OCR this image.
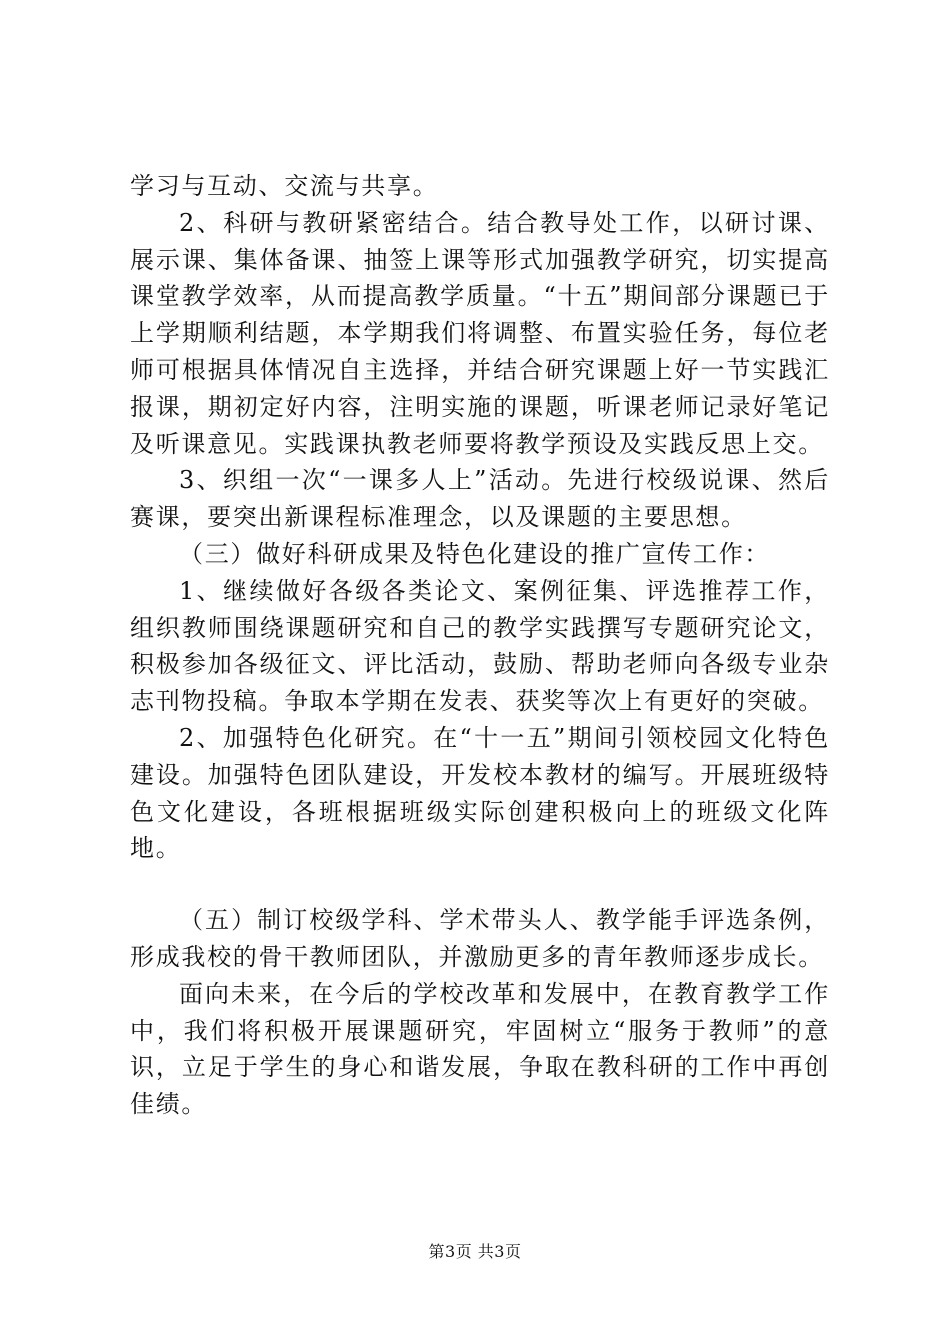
学习与互动、交流与共享。

2、科研与教研紧密结合。结合教导处工作，以研讨课、展示课、集体备课、抽签上课等形式加强教学研究，切实提高课堂教学效率，从而提高教学质量。“十五”期间部分课题已于上学期顺利结题，本学期我们将调整、布置实验任务，每位老师可根据具体情况自主选择，并结合研究课题上好一节实践汇报课，期初定好内容，注明实施的课题，听课老师记录好笔记及听课意见。实践课执教老师要将教学预设及实践反思上交。

3、织组一次“一课多人上”活动。先进行校级说课、然后赛课，要突出新课程标准理念，以及课题的主要思想。

（三）做好科研成果及特色化建设的推广宣传工作：

1、继续做好各级各类论文、案例征集、评选推荐工作，组织教师围绕课题研究和自己的教学实践撰写专题研究论文，积极参加各级征文、评比活动，鼓励、帮助老师向各级专业杂志刊物投稿。争取本学期在发表、获奖等次上有更好的突破。

2、加强特色化研究。在“十一五”期间引领校园文化特色建设。加强特色团队建设，开发校本教材的编写。开展班级特色文化建设，各班根据班级实际创建积极向上的班级文化阵地。

（五）制订校级学科、学术带头人、教学能手评选条例，形成我校的骨干教师团队，并激励更多的青年教师逐步成长。

面向未来，在今后的学校改革和发展中，在教育教学工作中，我们将积极开展课题研究，牢固树立“服务于教师”的意识，立足于学生的身心和谐发展，争取在教科研的工作中再创佳绩。

第3页 共3页
